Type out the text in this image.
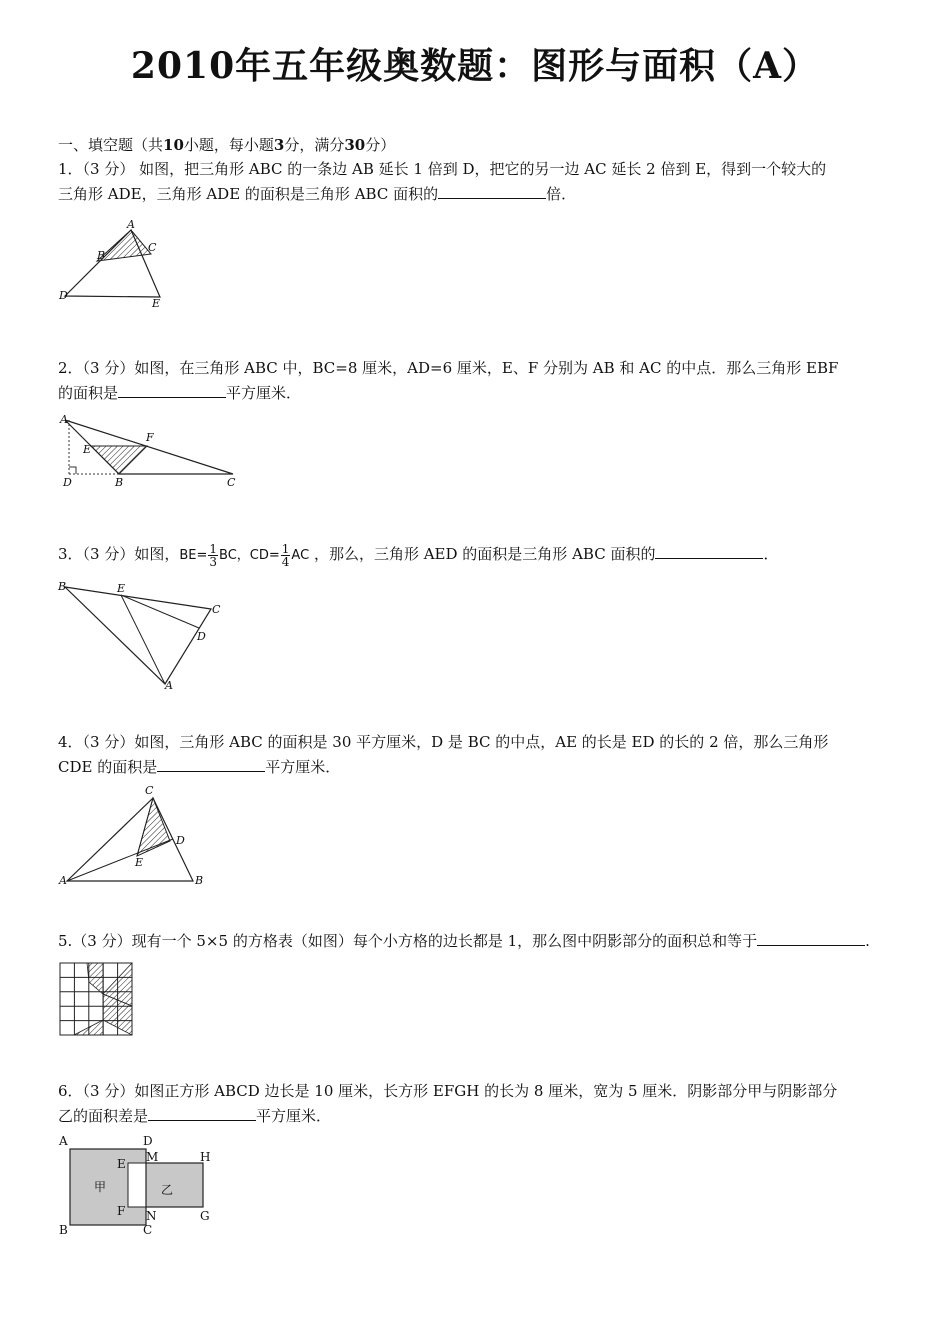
2010年五年级奥数题：图形与面积（A）
一、填空题（共10小题，每小题3分，满分30分）
1．（3 分） 如图，把三角形 ABC 的一条边 AB 延长 1 倍到 D，把它的另一边 AC 延长 2 倍到 E，得到一个较大的
三角形 ADE，三角形 ADE 的面积是三角形 ABC 面积的	倍．
A
B
C
D
E
2．（3 分）如图，在三角形 ABC 中，BC=8 厘米，AD=6 厘米，E、F 分别为 AB 和 AC 的中点．那么三角形 EBF
的面积是	平方厘米．
A
E
F
D	B	C
3．（3 分）如图，$BE= \frac{1}{3}$ BC，$CD= \frac{1}{4}$ AC ，那么，三角形 AED 的面积是三角形 ABC 面积的	．
B	E
C
D
A
4．（3 分）如图，三角形 ABC 的面积是 30 平方厘米，D 是 BC 的中点，AE 的长是 ED 的长的 2 倍，那么三角形
CDE 的面积是	平方厘米．
C
D
E
A	B
5.（3 分）现有一个 5×5 的方格表（如图）每个小方格的边长都是 1，那么图中阴影部分的面积总和等于	.
6．（3 分）如图正方形 ABCD 边长是 10 厘米，长方形 EFGH 的长为 8 厘米，宽为 5 厘米．阴影部分甲与阴影部分
乙的面积差是	平方厘米．
A	D
M	H
E
甲	乙
F N
B	C
G
